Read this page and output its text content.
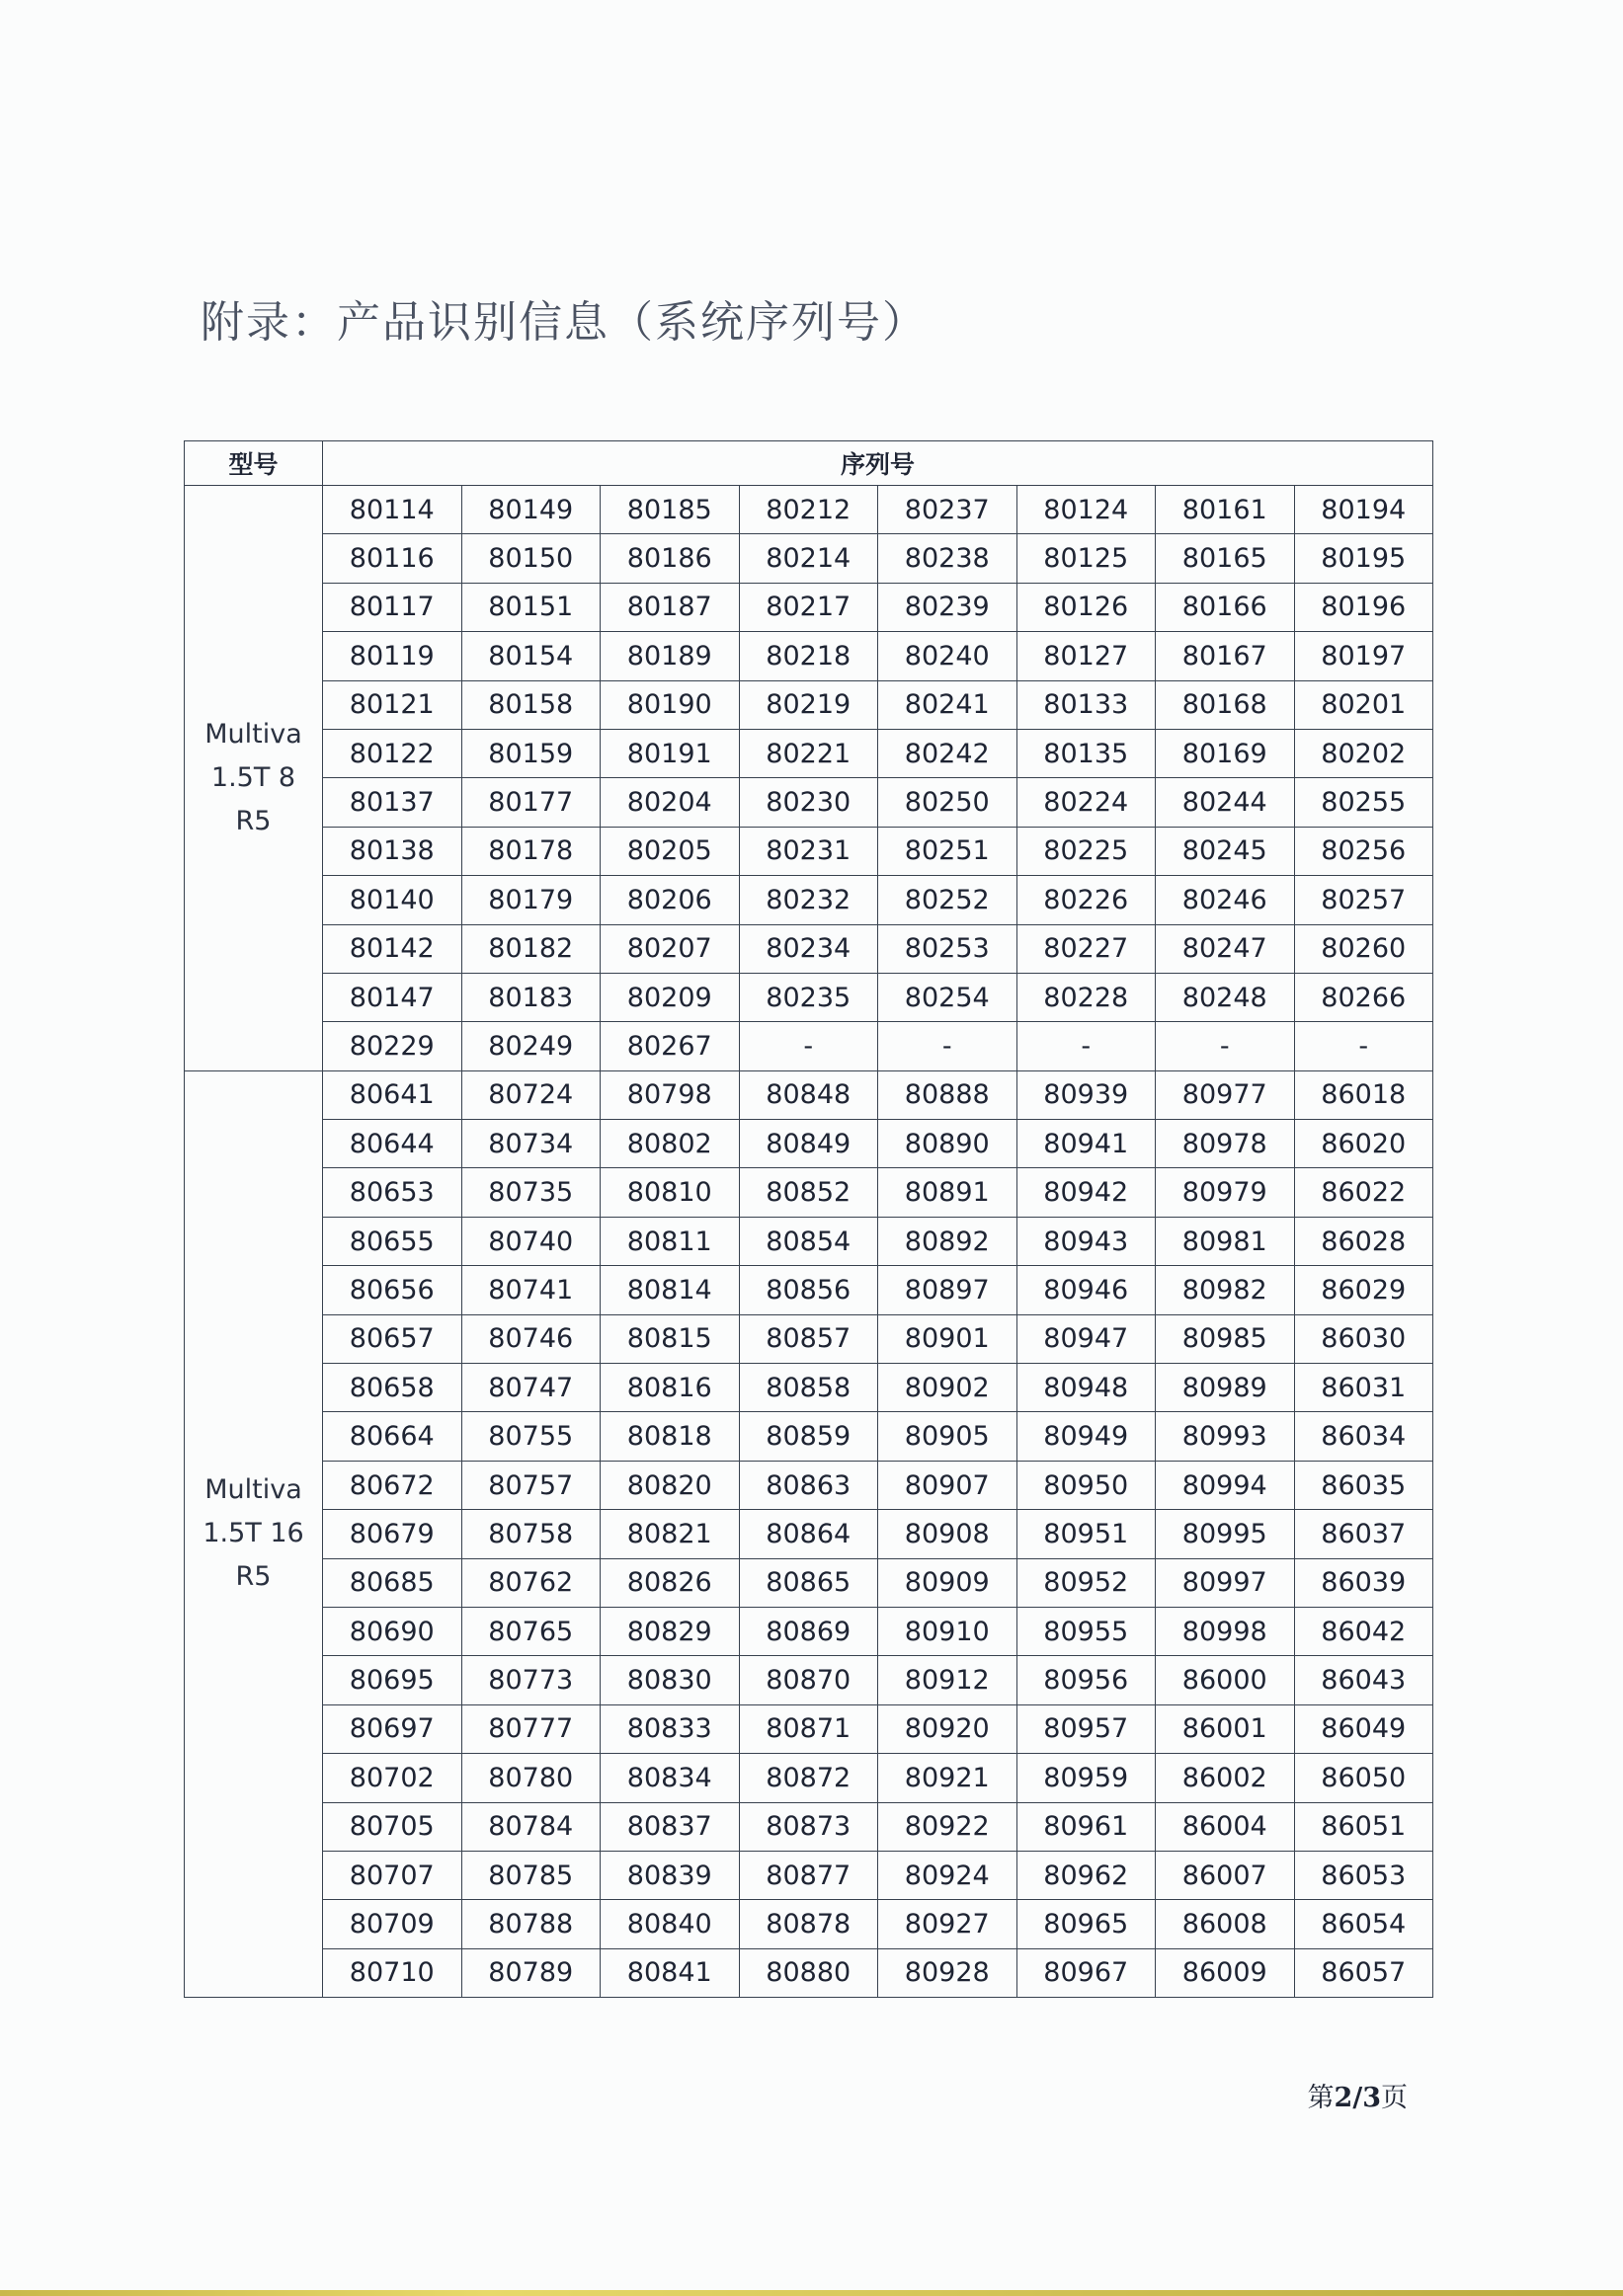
附录：产品识别信息（系统序列号）
型号	序列号							

Multiva
1.5T 8
R5	80114	80149	80185	80212	80237	80124	80161	80194
	80116	80150	80186	80214	80238	80125	80165	80195
	80117	80151	80187	80217	80239	80126	80166	80196
	80119	80154	80189	80218	80240	80127	80167	80197
	80121	80158	80190	80219	80241	80133	80168	80201
	80122	80159	80191	80221	80242	80135	80169	80202
	80137	80177	80204	80230	80250	80224	80244	80255
	80138	80178	80205	80231	80251	80225	80245	80256
	80140	80179	80206	80232	80252	80226	80246	80257
	80142	80182	80207	80234	80253	80227	80247	80260
	80147	80183	80209	80235	80254	80228	80248	80266
	80229	80249	80267	-	-	-	-	-

Multiva
1.5T 16
R5	80641	80724	80798	80848	80888	80939	80977	86018
	80644	80734	80802	80849	80890	80941	80978	86020
	80653	80735	80810	80852	80891	80942	80979	86022
	80655	80740	80811	80854	80892	80943	80981	86028
	80656	80741	80814	80856	80897	80946	80982	86029
	80657	80746	80815	80857	80901	80947	80985	86030
	80658	80747	80816	80858	80902	80948	80989	86031
	80664	80755	80818	80859	80905	80949	80993	86034
	80672	80757	80820	80863	80907	80950	80994	86035
	80679	80758	80821	80864	80908	80951	80995	86037
	80685	80762	80826	80865	80909	80952	80997	86039
	80690	80765	80829	80869	80910	80955	80998	86042
	80695	80773	80830	80870	80912	80956	86000	86043
	80697	80777	80833	80871	80920	80957	86001	86049
	80702	80780	80834	80872	80921	80959	86002	86050
	80705	80784	80837	80873	80922	80961	86004	86051
	80707	80785	80839	80877	80924	80962	86007	86053
	80709	80788	80840	80878	80927	80965	86008	86054
	80710	80789	80841	80880	80928	80967	86009	86057
第2/3页
